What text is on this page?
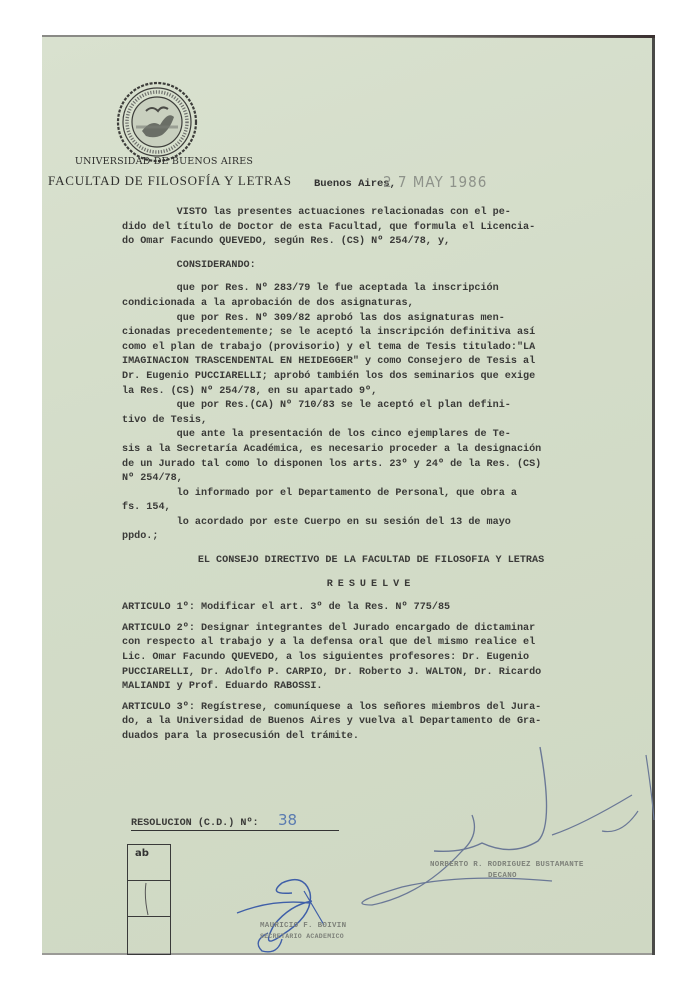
UNIVERSIDAD DE BUENOS AIRES
FACULTAD DE FILOSOFÍA Y LETRAS Buenos Aires,
2 7 MAY 1986
VISTO las presentes actuaciones relacionadas con el pe-
dido del título de Doctor de esta Facultad, que formula el Licencia-
do Omar Facundo QUEVEDO, según Res. (CS) Nº 254/78, y,
CONSIDERANDO:
que por Res. Nº 283/79 le fue aceptada la inscripción
condicionada a la aprobación de dos asignaturas,
que por Res. Nº 309/82 aprobó las dos asignaturas men-
cionadas precedentemente; se le aceptó la inscripción definitiva así
como el plan de trabajo (provisorio) y el tema de Tesis titulado:"LA
IMAGINACION TRASCENDENTAL EN HEIDEGGER" y como Consejero de Tesis al
Dr. Eugenio PUCCIARELLI; aprobó también los dos seminarios que exige
la Res. (CS) Nº 254/78, en su apartado 9º,
que por Res.(CA) Nº 710/83 se le aceptó el plan defini-
tivo de Tesis,
que ante la presentación de los cinco ejemplares de Te-
sis a la Secretaría Académica, es necesario proceder a la designación
de un Jurado tal como lo disponen los arts. 23º y 24º de la Res. (CS)
Nº 254/78,
lo informado por el Departamento de Personal, que obra a
fs. 154,
lo acordado por este Cuerpo en su sesión del 13 de mayo
ppdo.;
EL CONSEJO DIRECTIVO DE LA FACULTAD DE FILOSOFIA Y LETRAS
RESUELVE
ARTICULO 1º: Modificar el art. 3º de la Res. Nº 775/85
ARTICULO 2º: Designar integrantes del Jurado encargado de dictaminar
con respecto al trabajo y a la defensa oral que del mismo realice el
Lic. Omar Facundo QUEVEDO, a los siguientes profesores: Dr. Eugenio
PUCCIARELLI, Dr. Adolfo P. CARPIO, Dr. Roberto J. WALTON, Dr. Ricardo
MALIANDI y Prof. Eduardo RABOSSI.
ARTICULO 3º: Regístrese, comuníquese a los señores miembros del Jura-
do, a la Universidad de Buenos Aires y vuelva al Departamento de Gra-
duados para la prosecusión del trámite.
RESOLUCION (C.D.) Nº:	38
ab
NORBERTO R. RODRIGUEZ BUSTAMANTE
DECANO
MAURICIO F. BOIVIN
SECRETARIO ACADEMICO
